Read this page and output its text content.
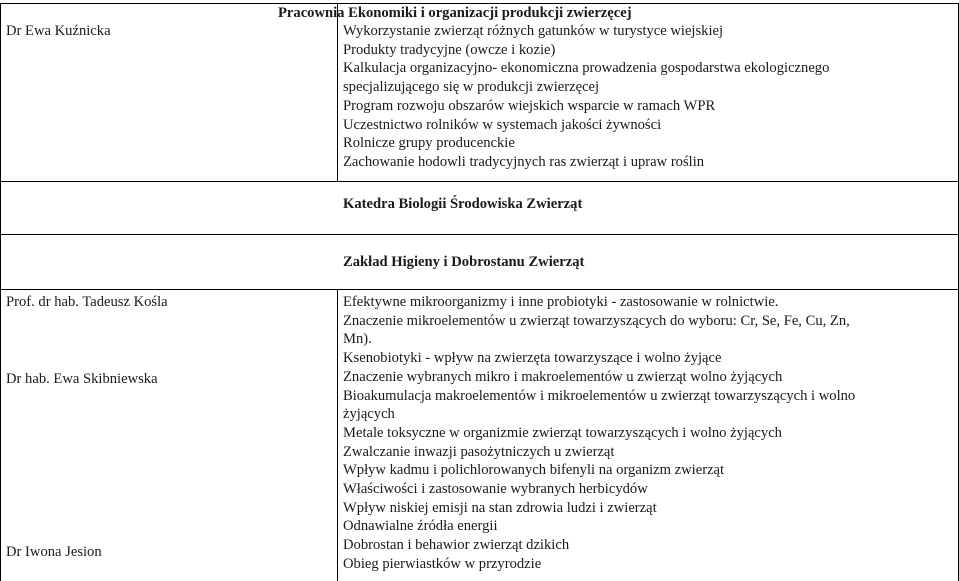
Pracownia Ekonomiki i organizacji produkcji zwierzęcej
Dr Ewa Kuźnicka	Wykorzystanie zwierząt różnych gatunków w turystyce wiejskiej
Produkty tradycyjne (owcze i kozie)
Kalkulacja organizacyjno- ekonomiczna prowadzenia gospodarstwa ekologicznego
specjalizującego się w produkcji zwierzęcej
Program rozwoju obszarów wiejskich wsparcie w ramach WPR
Uczestnictwo rolników w systemach jakości żywności
Rolnicze grupy producenckie
Zachowanie hodowli tradycyjnych ras zwierząt i upraw roślin
Katedra Biologii Środowiska Zwierząt
Zakład Higieny i Dobrostanu Zwierząt
Prof. dr hab. Tadeusz Kośla
Dr hab. Ewa Skibniewska
Dr Iwona Jesion
Efektywne mikroorganizmy i inne probiotyki - zastosowanie w rolnictwie.
Znaczenie mikroelementów u zwierząt towarzyszących do wyboru: Cr, Se, Fe, Cu, Zn,
Mn).
Ksenobiotyki - wpływ na zwierzęta towarzyszące i wolno żyjące
Znaczenie wybranych mikro i makroelementów u zwierząt wolno żyjących
Bioakumulacja makroelementów i mikroelementów u zwierząt towarzyszących i wolno
żyjących
Metale toksyczne w organizmie zwierząt towarzyszących i wolno żyjących
Zwalczanie inwazji pasożytniczych u zwierząt
Wpływ kadmu i polichlorowanych bifenyli na organizm zwierząt
Właściwości i zastosowanie wybranych herbicydów
Wpływ niskiej emisji na stan zdrowia ludzi i zwierząt
Odnawialne źródła energii
Dobrostan i behawior zwierząt dzikich
Obieg pierwiastków w przyrodzie
